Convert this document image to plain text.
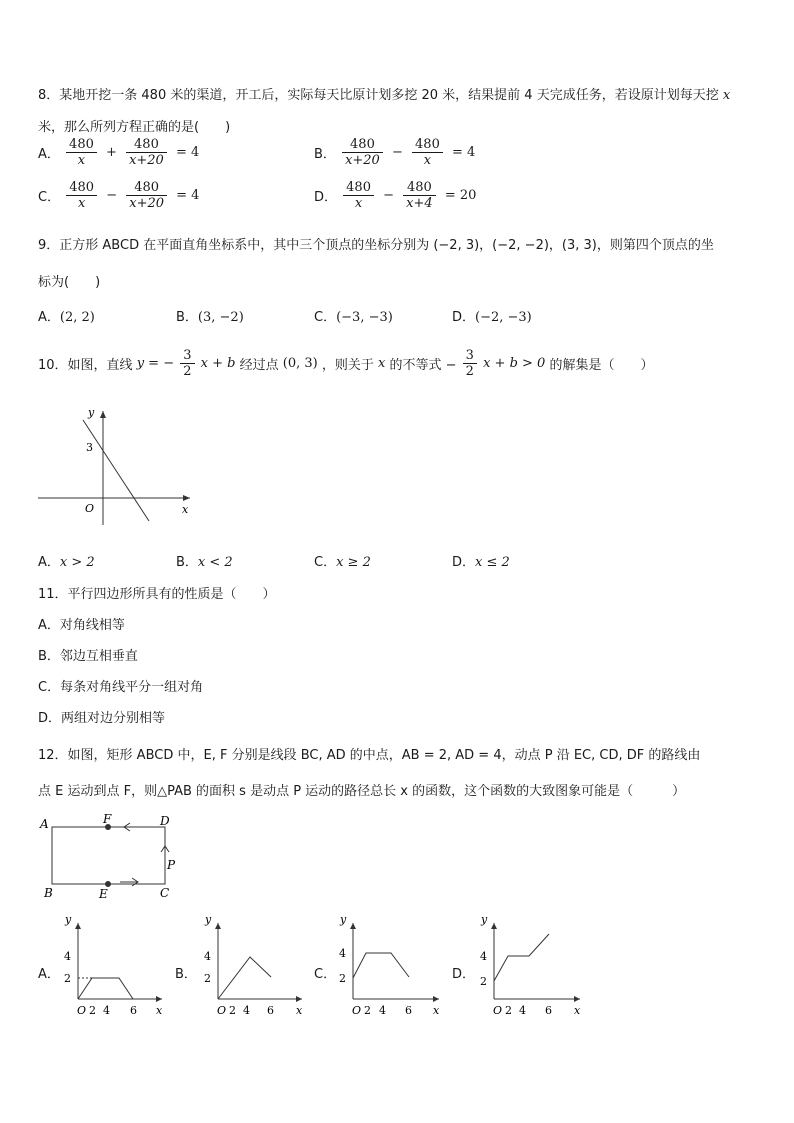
8．某地开挖一条 480 米的渠道，开工后，实际每天比原计划多挖 20 米，结果提前 4 天完成任务，若设原计划每天挖 x
米，那么所列方程正确的是(　　)
A． $\frac{480}{x} + \frac{480}{x+20} = 4$	B． $\frac{480}{x+20} - \frac{480}{x} = 4$
C． $\frac{480}{x} - \frac{480}{x+20} = 4$	D． $\frac{480}{x} - \frac{480}{x+4} = 20$
9．正方形 ABCD 在平面直角坐标系中，其中三个顶点的坐标分别为 (−2, 3)，(−2, −2)，(3, 3)，则第四个顶点的坐
标为(　　)
A．(2, 2)	B．(3, −2)	C．(−3, −3)	D．(−2, −3)
10．如图，直线 y = − $\frac{3}{2}$ x + b 经过点 (0, 3) ，则关于 x 的不等式 − $\frac{3}{2}$ x + b > 0 的解集是（　　）
y
x
O
3
A．x > 2	B．x < 2	C．x ≥ 2	D．x ≤ 2
11．平行四边形所具有的性质是（　　）
A．对角线相等
B．邻边互相垂直
C．每条对角线平分一组对角
D．两组对边分别相等
12．如图，矩形 ABCD 中，E, F 分别是线段 BC, AD 的中点，AB = 2, AD = 4，动点 P 沿 EC, CD, DF 的路线由
点 E 运动到点 F，则△PAB 的面积 s 是动点 P 运动的路径总长 x 的函数，这个函数的大致图象可能是（　　　）
A
B	C
D
F
E
P
A．
y
x
O
4
2
2 4 6
B．
y
x
O
4
2
2 4 6
C．
y
x
O
4
2
2 4 6
D．
y
x
O
4
2
2 4 6
